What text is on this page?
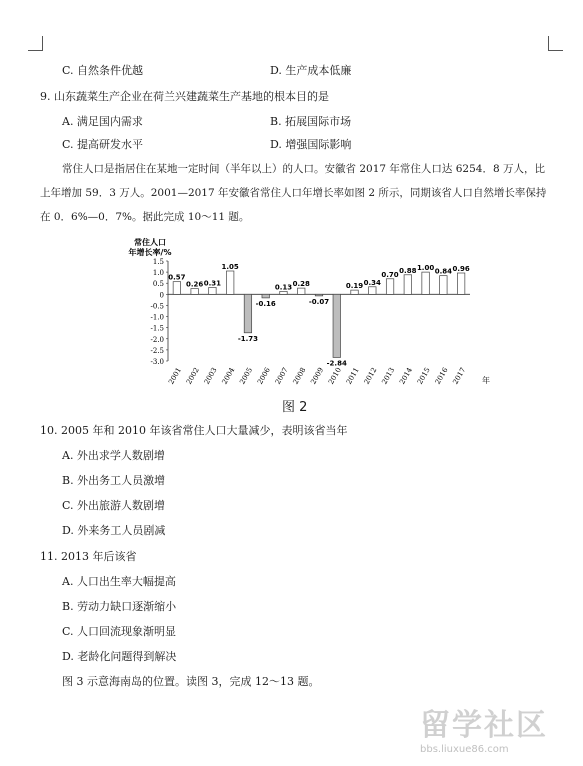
C. 自然条件优越	D. 生产成本低廉
9. 山东蔬菜生产企业在荷兰兴建蔬菜生产基地的根本目的是
A. 满足国内需求	B. 拓展国际市场
C. 提高研发水平	D. 增强国际影响
常住人口是指居住在某地一定时间（半年以上）的人口。安徽省 2017 年常住人口达 6254．8 万人，比
上年增加 59．3 万人。2001—2017 年安徽省常住人口年增长率如图 2 所示，同期该省人口自然增长率保持
在 0．6%—0．7%。据此完成 10～11 题。
常住人口
年增长率/%
1.5
1.0
0.5
0
-0.5
-1.0
-1.5
-2.0
-2.5
-3.0
0.57
0.26 0.31
1.05
-1.73
-0.16
0.13 0.28
-0.07
-2.84
0.19 0.34
0.70 0.88 1.00 0.84 0.96
2001 2002 2003 2004 2005 2006 2007 2008 2009 2010 2011 2012 2013 2014 2015 2016 2017 年
图 2
10. 2005 年和 2010 年该省常住人口大量减少，表明该省当年
A. 外出求学人数剧增
B. 外出务工人员激增
C. 外出旅游人数剧增
D. 外来务工人员剧减
11. 2013 年后该省
A. 人口出生率大幅提高
B. 劳动力缺口逐渐缩小
C. 人口回流现象渐明显
D. 老龄化问题得到解决
图 3 示意海南岛的位置。读图 3，完成 12～13 题。
留学社区
bbs.liuxue86.com
